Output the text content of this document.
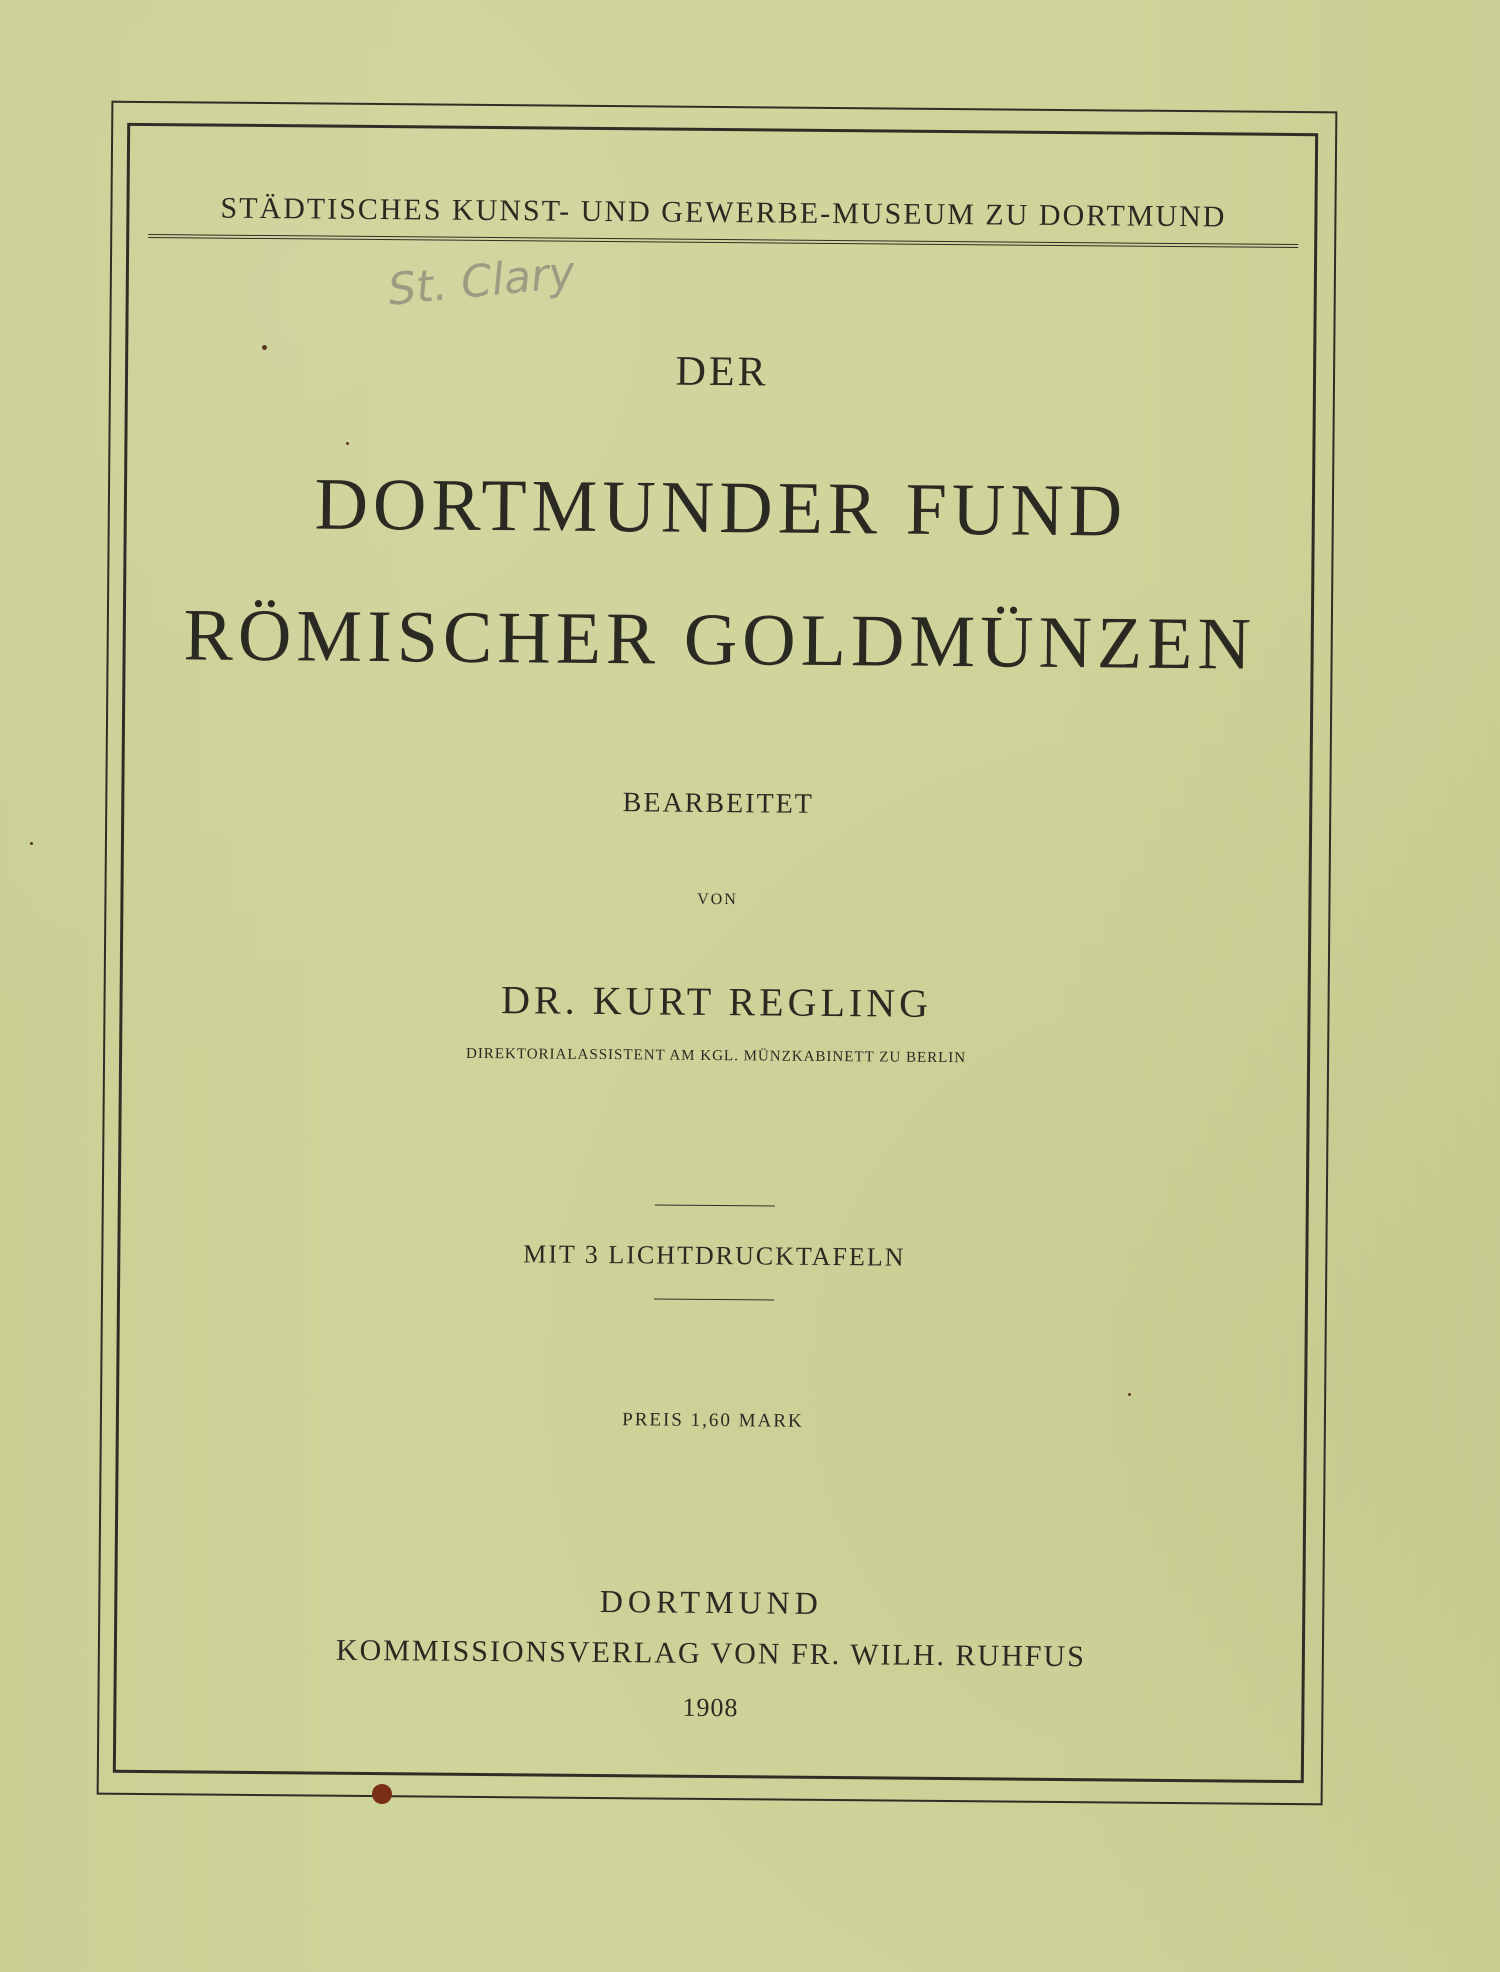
STÄDTISCHES KUNST- UND GEWERBE-MUSEUM ZU DORTMUND
St. Clary
DER
DORTMUNDER FUND
RÖMISCHER GOLDMÜNZEN
BEARBEITET
VON
DR. KURT REGLING
DIREKTORIALASSISTENT AM KGL. MÜNZKABINETT ZU BERLIN
MIT 3 LICHTDRUCKTAFELN
PREIS 1,60 MARK
DORTMUND
KOMMISSIONSVERLAG VON FR. WILH. RUHFUS
1908
